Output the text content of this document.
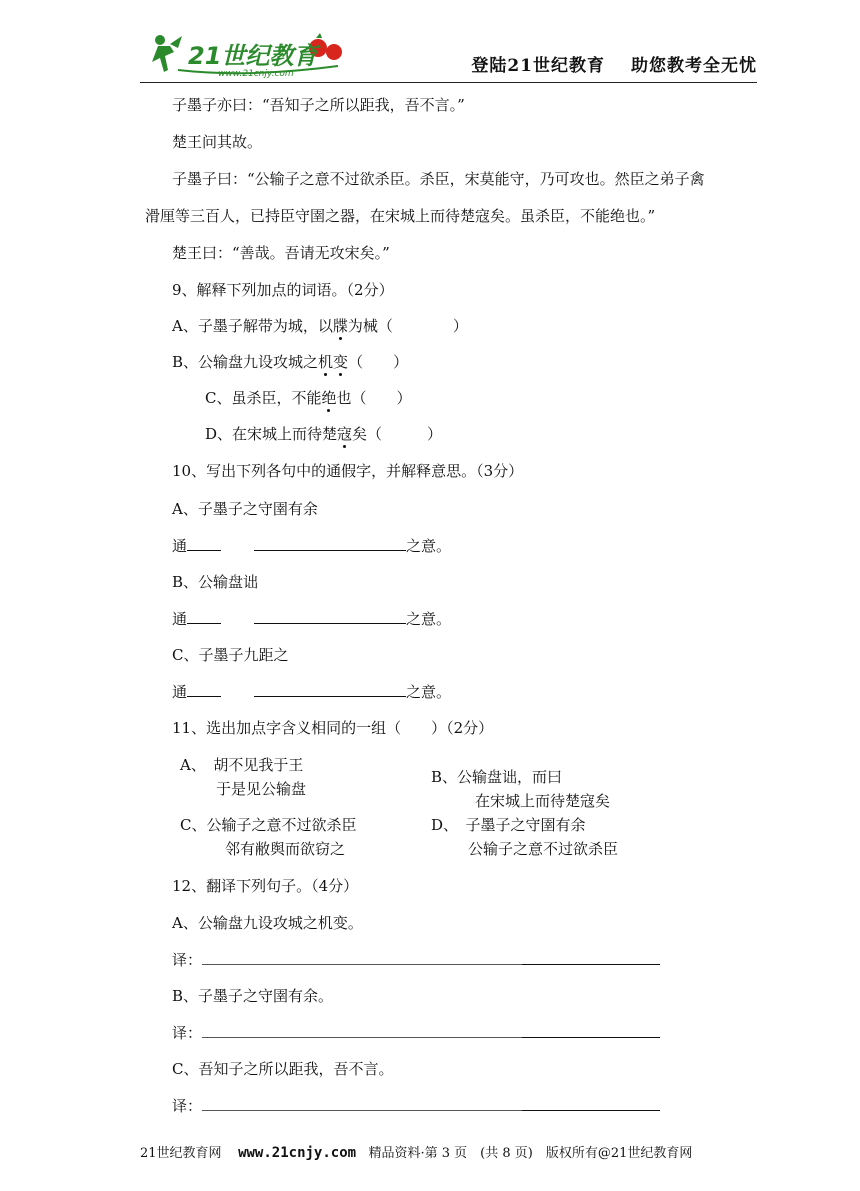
21世纪教育
www.21cnjy.com	登陆21世纪教育 助您教考全无忧
子墨子亦曰：“吾知子之所以距我，吾不言。”
楚王问其故。
子墨子曰：“公输子之意不过欲杀臣。杀臣，宋莫能守，乃可攻也。然臣之弟子禽
滑厘等三百人，已持臣守圉之器，在宋城上而待楚寇矣。虽杀臣，不能绝也。”
楚王曰：“善哉。吾请无攻宋矣。”
9、解释下列加点的词语。（2分）
A、子墨子解带为城，以牒为械（　　　　）
B、公输盘九设攻城之机变（　　）
C、虽杀臣，不能绝也（　　）
D、在宋城上而待楚寇矣（　　　）
10、写出下列各句中的通假字，并解释意思。（3分）
A、子墨子之守圉有余
通	之意。
B、公输盘诎
通	之意。
C、子墨子九距之
通	之意。
11、选出加点字含义相同的一组（　　）（2分）
A、　胡不见我于王
于是见公输盘
B、公输盘诎，而曰
在宋城上而待楚寇矣
C、公输子之意不过欲杀臣
邻有敝舆而欲窃之
D、　子墨子之守圉有余
公输子之意不过欲杀臣
12、翻译下列句子。（4分）
A、公输盘九设攻城之机变。
译：
B、子墨子之守圉有余。
译：
C、吾知子之所以距我，吾不言。
译：
21世纪教育网 www.21cnjy.com 精品资料·第 3 页　(共 8 页)　版权所有@21世纪教育网
